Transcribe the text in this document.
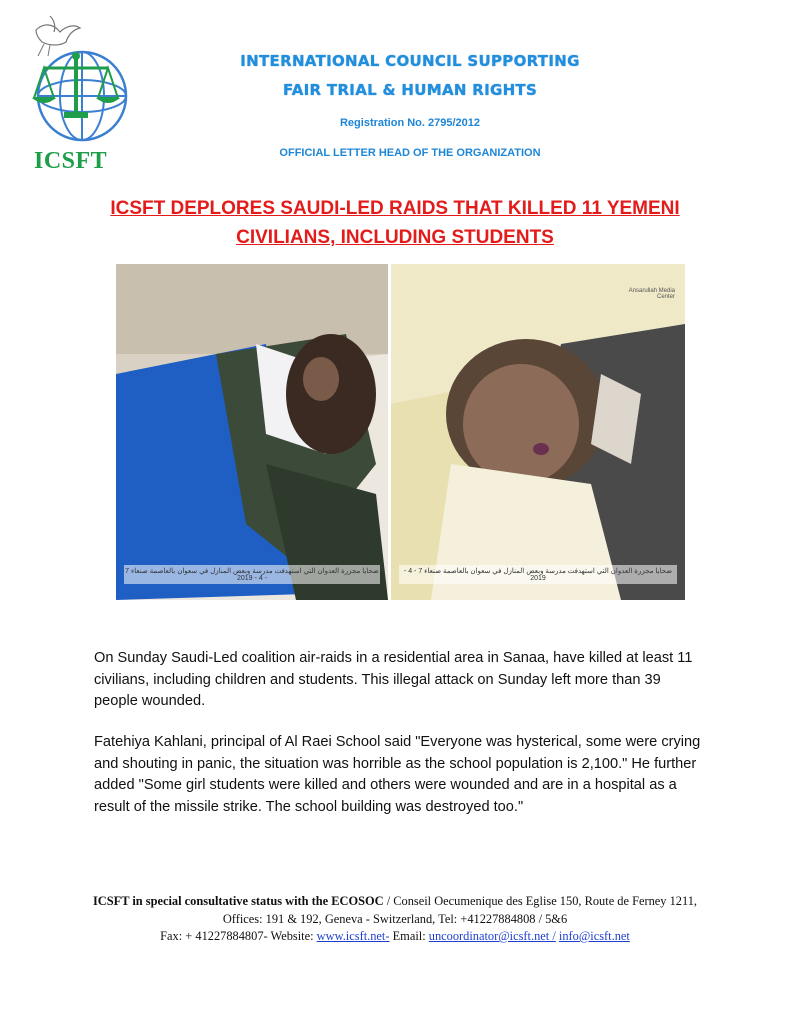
ICSFT
INTERNATIONAL COUNCIL SUPPORTING
FAIR TRIAL & HUMAN RIGHTS
Registration No. 2795/2012
OFFICIAL LETTER HEAD OF THE ORGANIZATION
ICSFT DEPLORES SAUDI-LED RAIDS THAT KILLED 11 YEMENI
CIVILIANS, INCLUDING STUDENTS
ضحايا مجزرة العدوان التي استهدفت مدرسة وبعض المنازل في سعوان بالعاصمة صنعاء 7 - 4 - 2019
Ansarullah Media Center
ضحايا مجزرة العدوان التي استهدفت مدرسة وبعض المنازل في سعوان بالعاصمة صنعاء 7 - 4 - 2019
On Sunday Saudi-Led coalition air-raids in a residential area in Sanaa, have killed at least 11 civilians, including children and students. This illegal attack on Sunday left more than 39 people wounded.
Fatehiya Kahlani, principal of Al Raei School said "Everyone was hysterical, some were crying and shouting in panic, the situation was horrible as the school population is 2,100." He further added "Some girl students were killed and others were wounded and are in a hospital as a result of the missile strike. The school building was destroyed too."
ICSFT in special consultative status with the ECOSOC / Conseil Oecumenique des Eglise 150, Route de Ferney 1211, Offices: 191 & 192, Geneva - Switzerland, Tel: +41227884808 / 5&6
Fax: + 41227884807- Website: www.icsft.net- Email: uncoordinator@icsft.net / info@icsft.net
